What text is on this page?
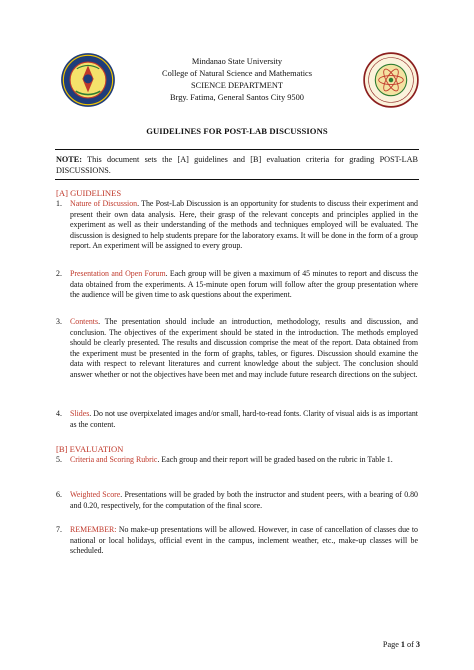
Mindanao State University
College of Natural Science and Mathematics
SCIENCE DEPARTMENT
Brgy. Fatima, General Santos City 9500
GUIDELINES FOR POST-LAB DISCUSSIONS
NOTE: This document sets the [A] guidelines and [B] evaluation criteria for grading POST-LAB DISCUSSIONS.
[A] GUIDELINES
1.	Nature of Discussion. The Post-Lab Discussion is an opportunity for students to discuss their experiment and present their own data analysis. Here, their grasp of the relevant concepts and principles applied in the experiment as well as their understanding of the methods and techniques employed will be evaluated. The discussion is designed to help students prepare for the laboratory exams. It will be done in the form of a group report. An experiment will be assigned to every group.
2.	Presentation and Open Forum. Each group will be given a maximum of 45 minutes to report and discuss the data obtained from the experiments. A 15-minute open forum will follow after the group presentation where the audience will be given time to ask questions about the experiment.
3.	Contents. The presentation should include an introduction, methodology, results and discussion, and conclusion. The objectives of the experiment should be stated in the introduction. The methods employed should be clearly presented. The results and discussion comprise the meat of the report. Data obtained from the experiment must be presented in the form of graphs, tables, or figures. Discussion should examine the data with respect to relevant literatures and current knowledge about the subject. The conclusion should answer whether or not the objectives have been met and may include future research directions on the subject.
4.	Slides. Do not use overpixelated images and/or small, hard-to-read fonts. Clarity of visual aids is as important as the content.
[B] EVALUATION
5.	Criteria and Scoring Rubric. Each group and their report will be graded based on the rubric in Table 1.
6.	Weighted Score. Presentations will be graded by both the instructor and student peers, with a bearing of 0.80 and 0.20, respectively, for the computation of the final score.
7.	REMEMBER: No make-up presentations will be allowed. However, in case of cancellation of classes due to national or local holidays, official event in the campus, inclement weather, etc., make-up classes will be scheduled.
Page 1 of 3
